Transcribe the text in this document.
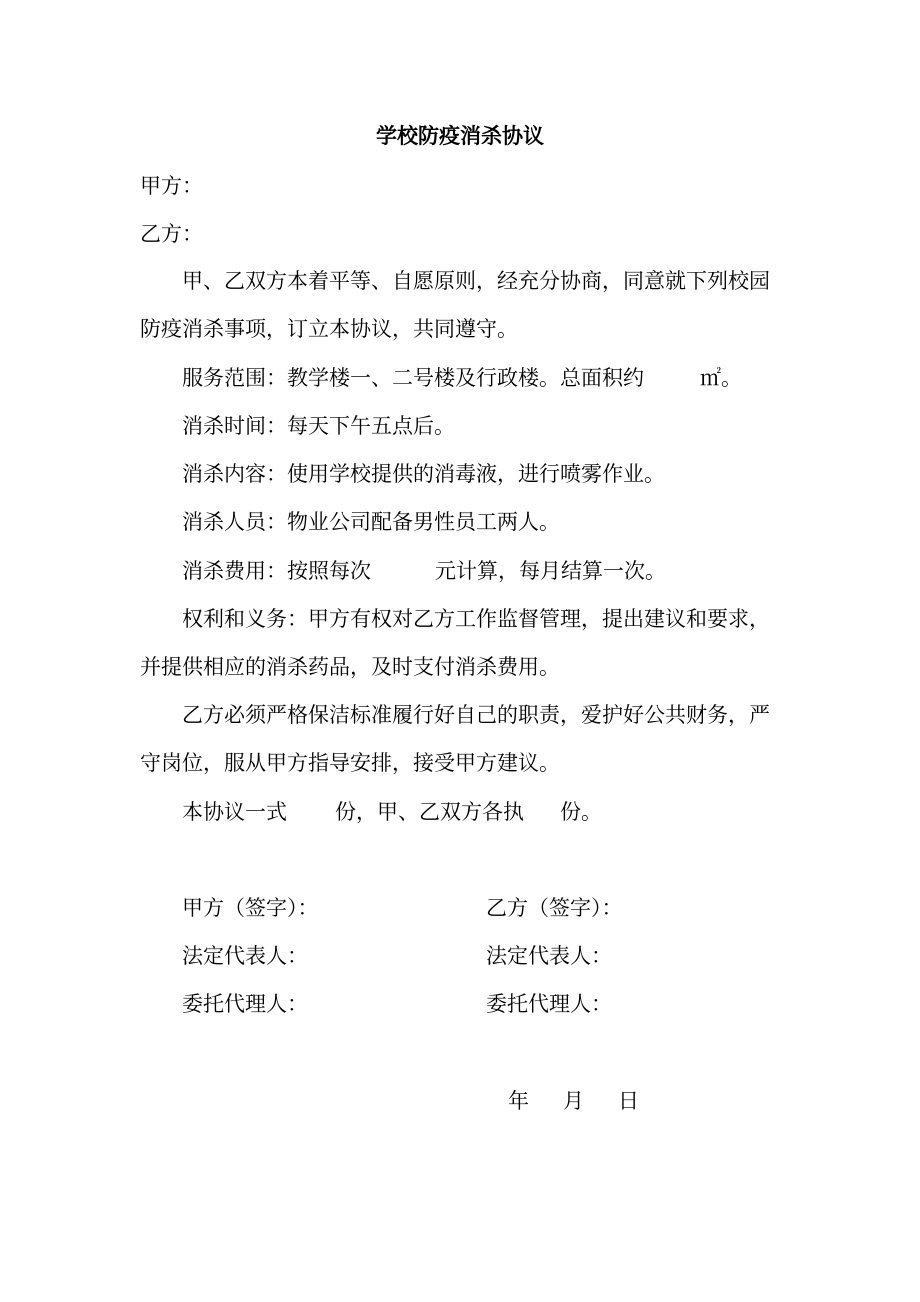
学校防疫消杀协议
甲方：
乙方：
甲、乙双方本着平等、自愿原则，经充分协商，同意就下列校园
防疫消杀事项，订立本协议，共同遵守。
服务范围：教学楼一、二号楼及行政楼。总面积约	㎡。
消杀时间：每天下午五点后。
消杀内容：使用学校提供的消毒液，进行喷雾作业。
消杀人员：物业公司配备男性员工两人。
消杀费用：按照每次	元计算，每月结算一次。
权利和义务：甲方有权对乙方工作监督管理，提出建议和要求，
并提供相应的消杀药品，及时支付消杀费用。
乙方必须严格保洁标准履行好自己的职责，爱护好公共财务，严
守岗位，服从甲方指导安排，接受甲方建议。
本协议一式 份，甲、乙双方各执 份。
甲方（签字）：	乙方（签字）：
法定代表人：	法定代表人：
委托代理人：	委托代理人：
年 月 日
